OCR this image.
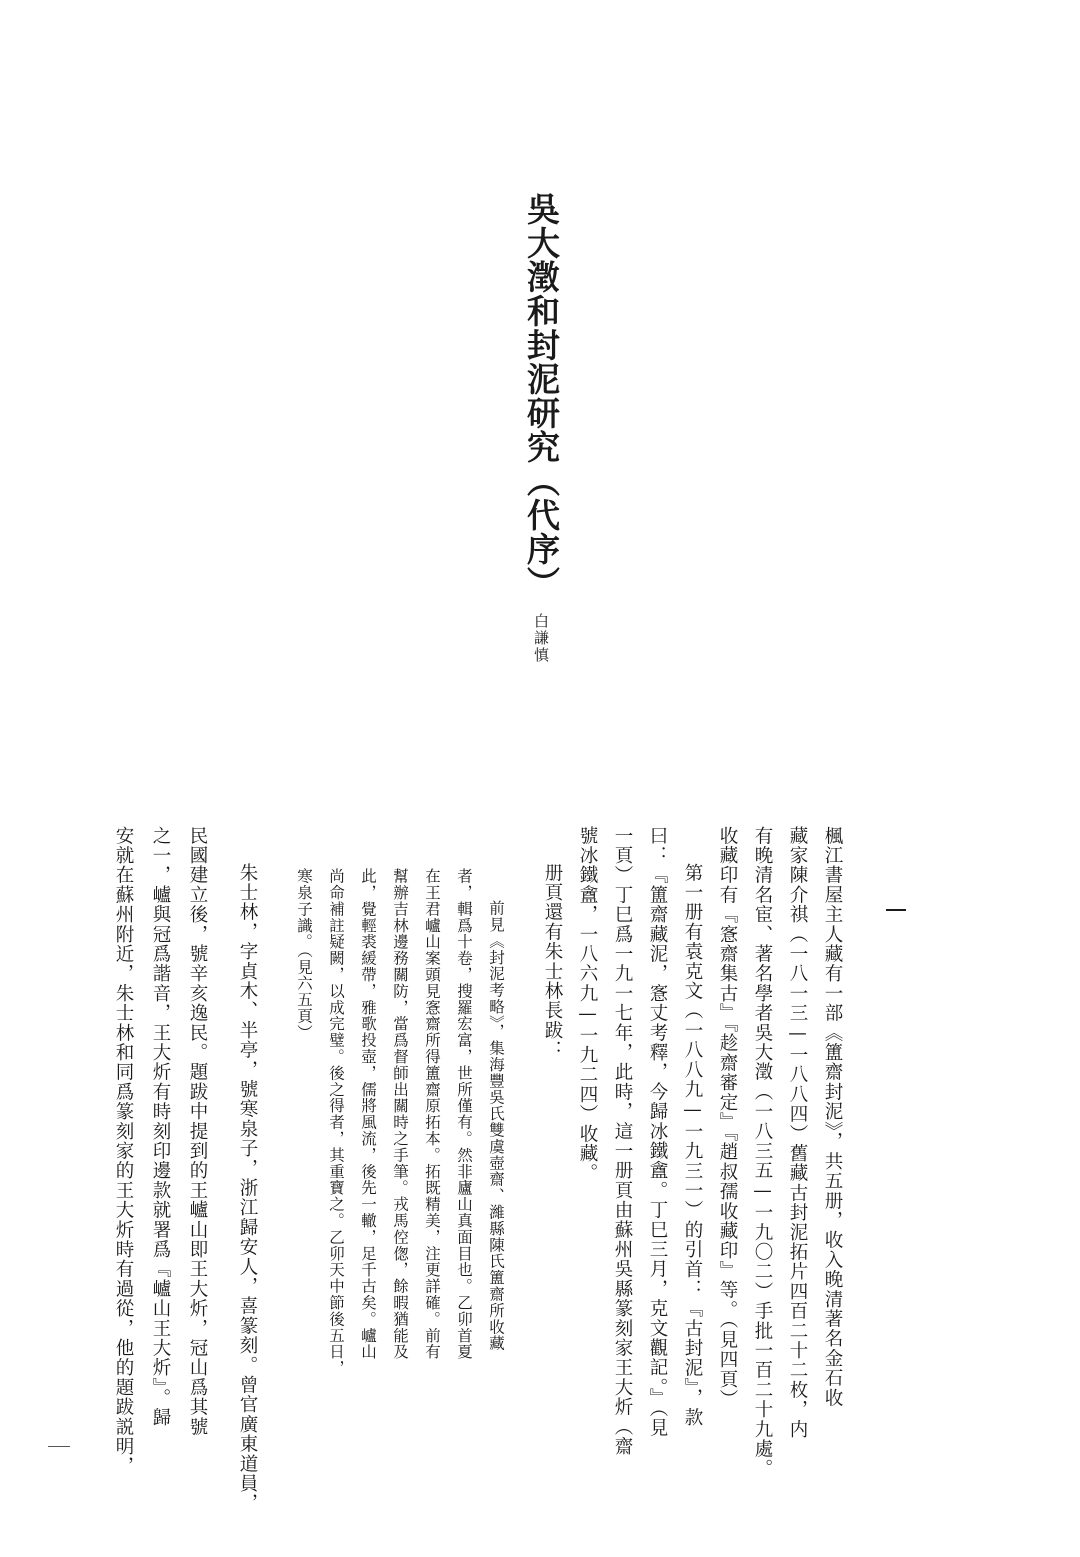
吳大澂和封泥研究（代序）
白謙慎
楓江書屋主人藏有一部《簠齋封泥》，共五册，收入晚清著名金石收
藏家陳介祺（一八一三—一八八四）舊藏古封泥拓片四百二十二枚，内
有晚清名宦、著名學者吳大澂（一八三五—一九〇二）手批一百二十九處。
收藏印有『愙齋集古』『趁齋審定』『趙叔孺收藏印』等。（見四頁）
第一册有袁克文（一八八九—一九三一）的引首：『古封泥』，款
曰：『簠齋藏泥，愙丈考釋，今歸冰鐵盦。丁巳三月，克文觀記。』（見
一頁）丁巳爲一九一七年，此時，這一册頁由蘇州吳縣篆刻家王大炘（齋
號冰鐵盦，一八六九—一九二四）收藏。
册頁還有朱士林長跋：
前見《封泥考略》，集海豐吳氏雙虞壺齋、濰縣陳氏簠齋所收藏
者，輯爲十卷，搜羅宏富，世所僅有。然非廬山真面目也。乙卯首夏
在王君㠠山案頭見愙齋所得簠齋原拓本。拓既精美，注更詳確。前有
幫辦吉林邊務關防，當爲督師出關時之手筆。戎馬倥偬，餘暇猶能及
此，覺輕裘緩帶，雅歌投壺，儒將風流，後先一轍，足千古矣。㠠山
尚命補註疑闕，以成完璧。後之得者，其重寶之。乙卯天中節後五日，
寒泉子識。（見六五頁）
朱士林，字貞木、半亭，號寒泉子，浙江歸安人，喜篆刻。曾官廣東道員，
民國建立後，號辛亥逸民。題跋中提到的王㠠山即王大炘，冠山爲其號
之一，㠠與冠爲諧音，王大炘有時刻印邊款就署爲『㠠山王大炘』。歸
安就在蘇州附近，朱士林和同爲篆刻家的王大炘時有過從，他的題跋説明，
